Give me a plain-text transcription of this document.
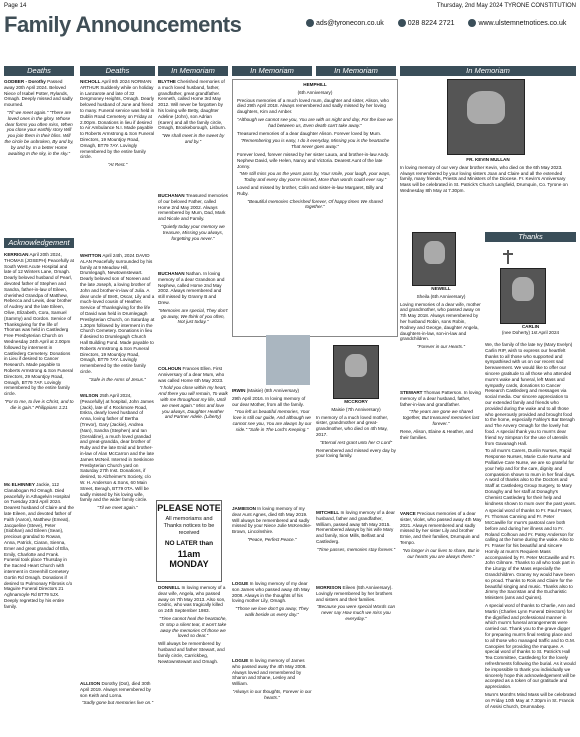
Page 14	Thursday, 2nd May 2024 TYRONE CONSTITUTION
Family Announcements	ads@tyronecon.co.uk	028 8224 2721	www.ulstemnetnotices.co.uk
Deaths	Deaths	In Memoriam	In Memoriam	In Memoriam	In Memoriam
Acknowledgement
Thanks

GODBER - Dorothy Passed away 20th April 2024. Beloved Niece of Isabel Potter, Rylands, Omagh. Deeply missed and sadly mourned.

"Til' we meet again." "There are loved ones in the glory. Whose dear forms you often miss, When you close your earthly story Will you join them in their bliss. Will the circle be unbroken, By and by, by and by. In a better Home awaiting In the sky, in the sky."

KERRIGAN April 20th 2024, THOMAS (JOSEPH) Peacefully at South West Acute Hospital and late of 12 Winters Lane, Omagh. Dearly beloved husband of Pearl, devoted father of Stephen and Sandra, father-in-law of Eileen, cherished Grandpa of Matthew, Rebecca and Lewis, dear brother of Audrey and the late Eileen, Olive, Elizabeth, Cora, Samuel (Sammy) and Gordon. Service of Thanksgiving for the life of Thomas was held in Castlederg Free Presbyterian Church on Wednesday 24th April at 2.00pm followed by interment in Castlederg Cemetery. Donations in Lieu if desired to Cancer Research. Made payable to Roberts Armstrong & Son Funeral Directors, 29 Mountjoy Road, Omagh, BT79 7AF. Lovingly remembered by the entire family circle.

"For to me, to live is Christ, and to die is gain." Philippians 1:21

Mc ELHINNEY Jackie, 112 Clanabogan Rd Omagh. Died peacefully in Athagelvin Hospital on Tuesday 23rd April 2024. Dearest husband of Claire and the late Eileen, and devoted father of Faith (Aaron), Matthew (Emeat), Jacqueline (Steve), Peter (Siobhan) and Eileen (Sean), precious grandad to Rowan, Anna, Patrick, Ciaran, Sienna, Emer and great grandad of Ella, Emily, Charlotte and Frank. Funeral took place Thursday in the Sacred Heart Church with interment in Greenhill Cemetery Gortin Rd Omagh. Donations if desired to Pulmonary Fibrosis c/o Maguire Funeral Directors 21 Aghnamoyle Rd BT79 5JX. Deeply regretted by his entire family.

NICHOLL April 9th 2024 NORMAN ARTHUR Suddenly while on holiday in Lanzarote and late of 32 Dergmoney Heights, Omagh. Dearly beloved husband of June and friend to many. Funeral service was held in Dublin Road Cemetery on Friday at 2.00pm. Donations in lieu if desired to Air Ambulance N.I. Made payable to Roberts Armstrong & Son Funeral Directors, 19 Mountjoy Road, Omagh, BT79 7AY. Lovingly remembered by the entire family circle.

"At Rest."

WHITTON April 24th, 2024 DAVID ALAN Peacefully surrounded by his family at 9 Meadow Hill, Drumlegagh, Newtownstewart. Dearly beloved son of Noreen and the late Joseph, a loving brother of John and brother-in-law of Julia. A dear uncle of Brett, Oscar, Lily and a much-loved cousin of Heather. Service of Thanksgiving for the life of David was held in Drumlegagh Presbyterian Church, on Saturday at 1.30pm followed by interment in the Church Cemetery. Donations in lieu if desired to Drumlegagh Church Hall Building Fund. Made payable to Roberts Armstrong & Son Funeral Directors, 19 Mountjoy Road, Omagh, BT79 7AY. Lovingly remembered by the entire family circle.

"Safe in the Arms of Jesus."

WILSON 25th April 2024, (Peacefully) at hospital, John James (Jack), late of 4 Rockmore Road, Eskra, dearly loved husband of Anna, loving father of Bertha (Trevor), Gary (Jackie), Andrea (Nan), Sandra (Stephen) and Ian (Geraldine), a much loved grandad and great-grandda, dear brother of Ruby and the late Enid and brother-in-law of Alan McCarron and the late James McNeil. Interred in Seskinore Presbyterian Church yard on Saturday 27th Inst. Donations, if desired, to Alzheimer's Society, c/o W. H. Anderson & Sons, 60 Main Street, Beragh, BT79 0TA. Will be sadly missed by his loving wife, family and the wider family circle.

"Til we meet again."

ALLISON Dorothy (Dot), died 30th April 2019. Always remembered by son Keith and Lorna.

"Sadly gone but memories live on."

BLYTHE Cherished memories of a much loved husband, father, grandfather, great grandfather. Kenneth, called Home 3rd May 2012. Will never be forgotten by his loving wife Betty, daughter Adeline (John), son Adrian (Karen) and all the family circle, Omagh, Brookeborough, Lisburn.

"We shall meet in the sweet by and by."

BUCHANAN Treasured memories of our beloved Father, called Home 2nd May 2002. Always remembered by Mum, Dad, Mark and Nicole and Family.

"Quietly today your memory we treasure, Missing you always, forgetting you never."

BUCHANAN Nathan. In loving memory of a dear Grandson and Nephew, called Home 2nd May 2002. Always remembered and still missed by Granny B and Drew.

"Memories are special, They don't go away, We think of you often, Not just today."

COLHOUN Frances Ellen. First Anniversary of a dear Mum, who was called Home 6th May 2023.

"I hold you close within my heart, And there you will remain, To walk with me throughout my life, Until we meet again." Miss and love you always, Daughter Heather and Partner Adele. (Liberty)

PLEASE NOTE
All memoriams and Thanks notices to be received
NO LATER than
11am MONDAY

DONNELL In loving memory of a dear wife, Angela, who passed away on 7th May 2013. Also son, Cedric, who was tragically killed on 24th September 1983.

"Time cannot heal the heartache, Or stop a silent tear, It won't take away the memories Of those we loved so dear."

Will always be remembered by husband and father Stewart, and family circle, Carrickbeg, Newtownstewart and Omagh.

HEMPHILL

(6th Anniversary)

Precious memories of a much loved mum, daughter and sister, Alison, who died 29th April 2018. Always remembered and sadly missed by her loving daughters, Kim and Amber.

"Although we cannot see you, You are with us night and day, For the love we had between us, Even death can't take away."

Treasured memories of a dear daughter Alison. Forever loved by Mum.

"Remembering you is easy, I do it everyday, Missing you is the heartache That never goes away."

Forever loved, forever missed by her sister Laura, and brother-in-law Andy. Nephew David, wife Helen, Nancy and Victoria. Dearest Aunt of the late Jonny.

"We still miss you as the years pass by, Your smile, your laugh, your ways, Today and every day you're missed, More than words could ever say."

Loved and missed by brother, Colin and sister-in-law Margaret, Billy and Ruby.

"Beautiful memories Cherished forever, Of happy times We shared together."

IRWIN (Maisie) (8th Anniversary)

29th April 2016. In loving memory of our dear Mother, from all the family.

"You left us beautiful memories, Your love is still our guide, And although we cannot see you, You are always by our side." "Safe in The Lord's Keeping."

JAMIESON In loving memory of my dear Aunt Agnes, died 6th May 2019. Will always be remembered and sadly missed by your Niece Julie McKendrie-Brown, Lincolnshire.

"Peace, Perfect Peace."

LOGUE In loving memory of my dear son James who passed away 4th May 2008. Always in the thoughts of his loving mother Lily, Omagh.

"Those we love don't go away, They walk beside us every day."

LOGUE In loving memory of James who passed away the 4th May 2008. Always loved and remembered by Sharon and Shane, Lesley and William.

"Always in our thoughts, Forever in our hearts."

MCCRORY

Maisie (7th Anniversary)

In memory of a much loved mother, sister, grandmother and great-grandmother, who died on 4th May, 2017.

"Eternal rest grant unto her O Lord"

Remembered and missed every day by your loving family.

MITCHELL In loving memory of a dear husband, father and grandfather, William, passed away 5th May 2015. Remembered always by his wife Mary and family, Sion Mills, Belfast and Castlederg.

"Time passes, memories stay forever."

MORRISON Eileen (5th Anniversary). Lovingly remembered by her brothers and sisters and their families.

"Because you were special Words can never say How much we miss you everyday."

FR. KEVIN MULLAN

In loving memory of our very dear brother Kevin, who died on the 6th May 2023. Always remembered by your loving sisters Joan and Claire and all the extended family, many friends, Priests and Ministers of the Diocese. Fr. Kevin's Anniversary Mass will be celebrated in St. Patrick's Church Langfield, Drumquin, Co. Tyrone on Wednesday 8th May at 7.30pm.

NEWELL

Sheila (6th Anniversary)

Loving memories of a dear wife, mother and grandmother, who passed away on 7th May 2018. Always remembered by her husband Robin, sons Robin, Rodney and George, daughter Angela, daughters-in-law, son-in-law and grandchildren.

"Forever in our Hearts."

STEWART Thomas Patterson. In loving memory of a dear husband, father, father-in-law and grandfather.

"The years are gone we shared together, But treasured memories last forever."

Rene, Alison, Elaine & Heather, and their families.

VANCE Precious memories of a dear sister, Violet, who passed away 4th May 2021. Always remembered and sadly missed by her sister Lily and brother Ernie, and their families, Drumquin and Tempo.

"No longer in our lives to share, But in our hearts you are always there."

CARLIN

(nee Doherty) 1st April 2024

We, the family of the late Ivy (Mary Evelyn) Carlin RIP, wish to express our heartfelt thanks to all those who supported and sympathised with us on our recent sad bereavement. We would like to offer our sincere gratitude to all those who attended mum's wake and funeral, left Mass and sympathy cards, donations to Cancer Research Castlederg and messages via social media. Our sincere appreciation to our extended family and friends who provided during the wake and to all those who generously provided and brought food to the home, especially Fahley's Bar Beragh and The Anvery Omagh for the lovely hot food. A special thank you to mum's dear friend Ivy Simpson for the use of utensils from Gavanagh Hall.

To all mum's Carers, Dunlin Nurses, Rapid Response Nurses, Marie Curie Nurse and Palliative Care Nurse, we are so grateful for your help and for the care, dignity and compassion shown to mum in her final days. A word of thanks also to the Doctors and Staff at Castlederg Group Surgery, to Mary Donaghy and her staff at Donaghy's Chemist Castlederg for their help and kindness shown to mum over the past years.

A special word of thanks to Fr. Paul Fraser, Fr. Thomas Canning and Fr. Peter McCawille for mum's pastoral care both before and during her illness and to Fr. Roland Colhoun and Fr. Patsy Anderson for calling at the home during the wake. Also to Fr. Fraser for his beautiful and sincere Homily at mum's Requiem Mass accompanied by Fr. Peter McCawille and Fr. John Gilmore. Thanks to all who took part in the Liturgy of the Mass especially the Grandchildren. Granny Ivy would have been so proud. Thanks to Rois and Claire for the beautiful singing and music. Thanks also to Jimmy the Sacristan and the Eucharistic Ministers (ams and Quinns).

A special word of thanks to Charlie, Ann and Martin (Charles Lynn Funeral Directors) for the dignified and professional manner in which mum's funeral arrangements were carried out. Thank you to the grave digger for preparing mum's final resting place and to all those who managed traffic and to G.M. Canopies for providing the marquee. A special word of thanks to St. Patrick's Hall Tea Committee, Castlederg for the lovely refreshments following the burial. As it would be impossible to thank you individually we sincerely hope this acknowledgement will be accepted as a token of our gratitude and appreciation.

Mum's Month's Mind Mass will be celebrated on Friday 10th May at 7.30pm in St. Francis of Assisi Church, Drumnabey.
